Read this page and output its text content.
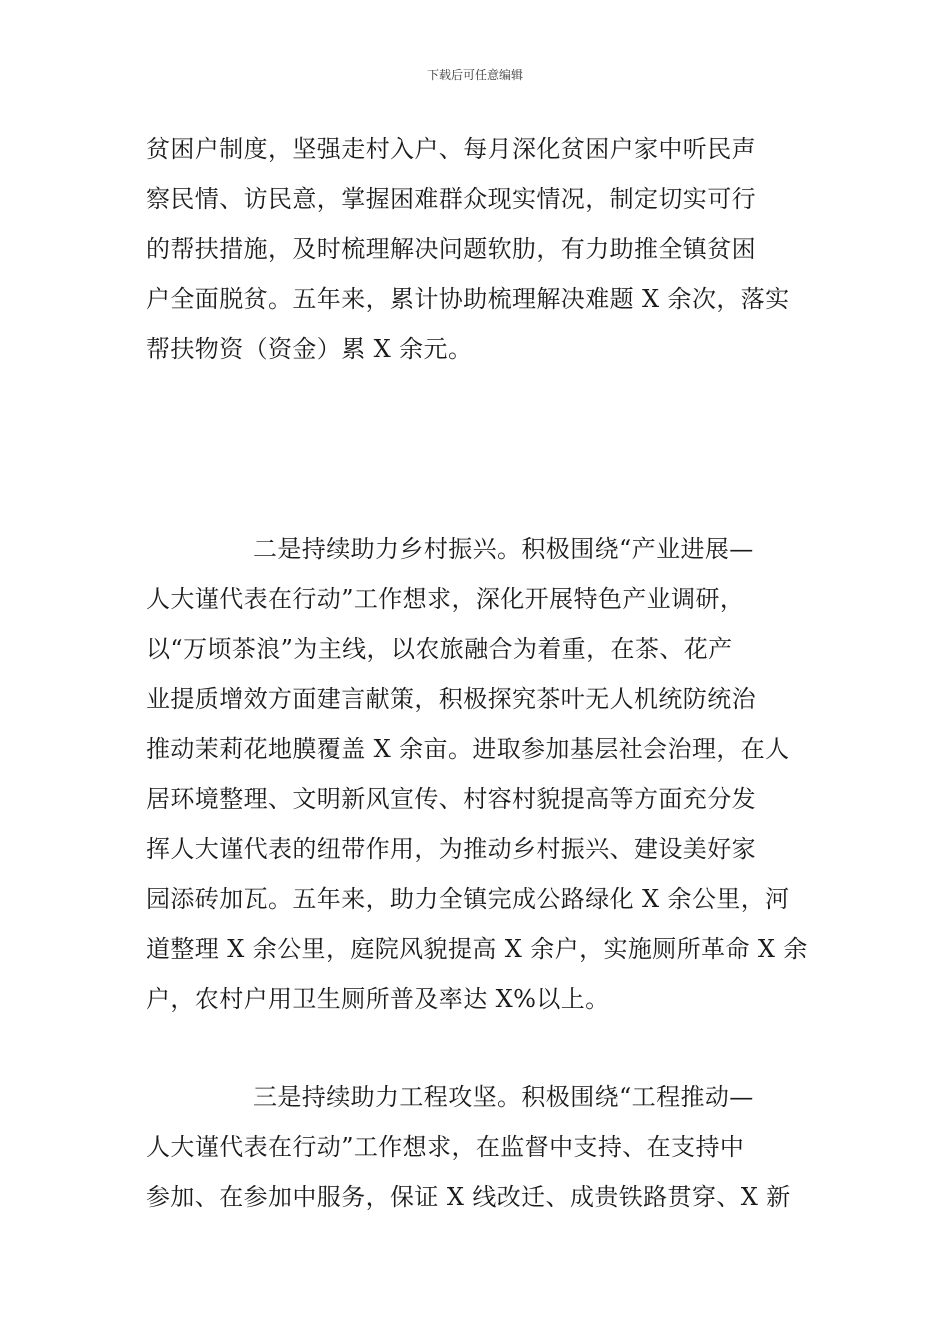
下载后可任意编辑
贫困户制度，坚强走村入户、每月深化贫困户家中听民声
察民情、访民意，掌握困难群众现实情况，制定切实可行
的帮扶措施，及时梳理解决问题软肋，有力助推全镇贫困
户全面脱贫。五年来，累计协助梳理解决难题 X 余次，落实
帮扶物资（资金）累 X 余元。
二是持续助力乡村振兴。积极围绕“产业进展—
人大谨代表在行动”工作想求，深化开展特色产业调研，
以“万顷茶浪”为主线，以农旅融合为着重，在茶、花产
业提质增效方面建言献策，积极探究茶叶无人机统防统治
推动茉莉花地膜覆盖 X 余亩。进取参加基层社会治理，在人
居环境整理、文明新风宣传、村容村貌提高等方面充分发
挥人大谨代表的纽带作用，为推动乡村振兴、建设美好家
园添砖加瓦。五年来，助力全镇完成公路绿化 X 余公里，河
道整理 X 余公里，庭院风貌提高 X 余户，实施厕所革命 X 余
户，农村户用卫生厕所普及率达 X%以上。
三是持续助力工程攻坚。积极围绕“工程推动—
人大谨代表在行动”工作想求，在监督中支持、在支持中
参加、在参加中服务，保证 X 线改迁、成贵铁路贯穿、X 新
